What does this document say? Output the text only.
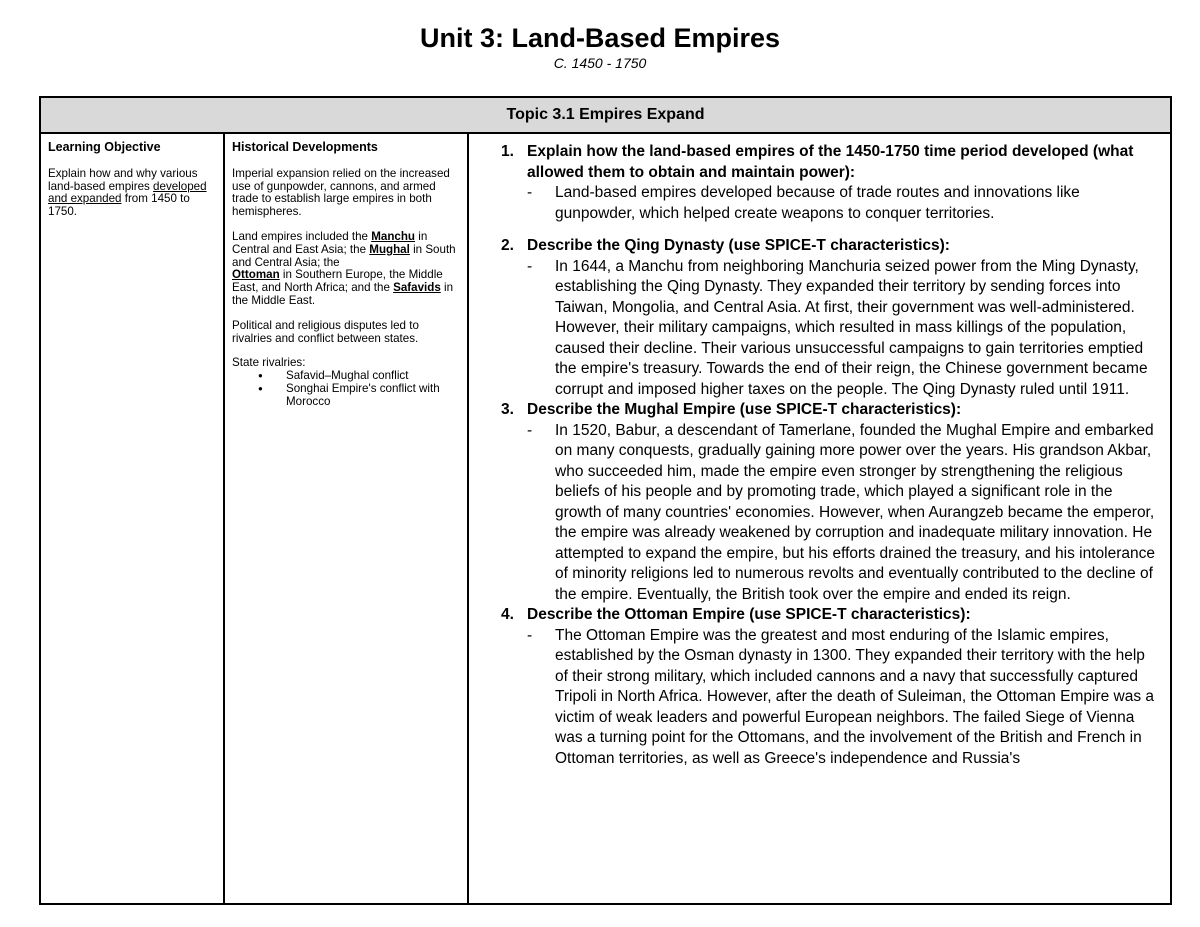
Unit 3: Land-Based Empires
C. 1450 - 1750
Topic 3.1 Empires Expand

Learning Objective

Explain how and why various land-based empires developed and expanded from 1450 to 1750.

Historical Developments

Imperial expansion relied on the increased use of gunpowder, cannons, and armed trade to establish large empires in both hemispheres.

Land empires included the Manchu in Central and East Asia; the Mughal in South and Central Asia; the
Ottoman in Southern Europe, the Middle East, and North Africa; and the Safavids in the Middle East.

Political and religious disputes led to rivalries and conflict between states.

State rivalries:
● Safavid–Mughal conflict
● Songhai Empire's conflict with Morocco
1. Explain how the land-based empires of the 1450-1750 time period developed (what allowed them to obtain and maintain power):
- Land-based empires developed because of trade routes and innovations like gunpowder, which helped create weapons to conquer territories.
2. Describe the Qing Dynasty (use SPICE-T characteristics):
- In 1644, a Manchu from neighboring Manchuria seized power from the Ming Dynasty, establishing the Qing Dynasty. They expanded their territory by sending forces into Taiwan, Mongolia, and Central Asia. At first, their government was well-administered. However, their military campaigns, which resulted in mass killings of the population, caused their decline. Their various unsuccessful campaigns to gain territories emptied the empire's treasury. Towards the end of their reign, the Chinese government became corrupt and imposed higher taxes on the people. The Qing Dynasty ruled until 1911.
3. Describe the Mughal Empire (use SPICE-T characteristics):
- In 1520, Babur, a descendant of Tamerlane, founded the Mughal Empire and embarked on many conquests, gradually gaining more power over the years. His grandson Akbar, who succeeded him, made the empire even stronger by strengthening the religious beliefs of his people and by promoting trade, which played a significant role in the growth of many countries' economies. However, when Aurangzeb became the emperor, the empire was already weakened by corruption and inadequate military innovation. He attempted to expand the empire, but his efforts drained the treasury, and his intolerance of minority religions led to numerous revolts and eventually contributed to the decline of the empire. Eventually, the British took over the empire and ended its reign.
4. Describe the Ottoman Empire (use SPICE-T characteristics):
- The Ottoman Empire was the greatest and most enduring of the Islamic empires, established by the Osman dynasty in 1300. They expanded their territory with the help of their strong military, which included cannons and a navy that successfully captured Tripoli in North Africa. However, after the death of Suleiman, the Ottoman Empire was a victim of weak leaders and powerful European neighbors. The failed Siege of Vienna was a turning point for the Ottomans, and the involvement of the British and French in Ottoman territories, as well as Greece's independence and Russia's
